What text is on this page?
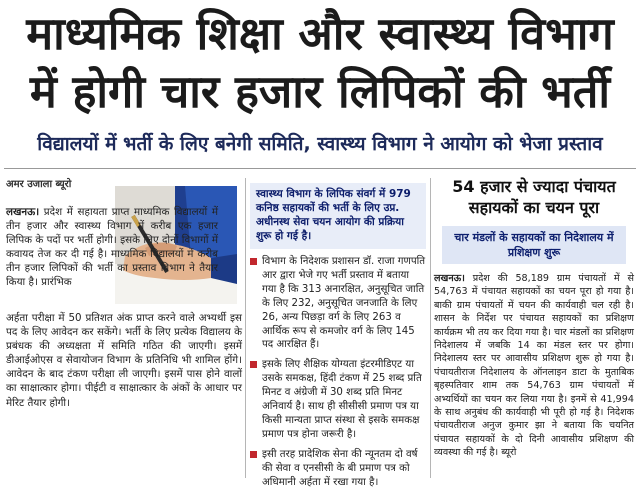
माध्यमिक शिक्षा और स्वास्थ्य विभाग
में होगी चार हजार लिपिकों की भर्ती
विद्यालयों में भर्ती के लिए बनेगी समिति, स्वास्थ्य विभाग ने आयोग को भेजा प्रस्ताव
अमर उजाला ब्यूरो
लखनऊ। प्रदेश में सहायता प्राप्त माध्यमिक विद्यालयों में तीन हजार और स्वास्थ्य विभाग में करीब एक हजार लिपिक के पदों पर भर्ती होगी। इसके लिए दोनों विभागों में कवायद तेज कर दी गई है। माध्यमिक विद्यालयों में करीब तीन हजार लिपिकों की भर्ती का प्रस्ताव विभाग ने तैयार किया है। प्रारंभिक
अर्हता परीक्षा में 50 प्रतिशत अंक प्राप्त करने वाले अभ्यर्थी इस पद के लिए आवेदन कर सकेंगे। भर्ती के लिए प्रत्येक विद्यालय के प्रबंधक की अध्यक्षता में समिति गठित की जाएगी। इसमें डीआईओएस व सेवायोजन विभाग के प्रतिनिधि भी शामिल होंगे। आवेदन के बाद टंकण परीक्षा ली जाएगी। इसमें पास होने वालों का साक्षात्कार होगा। पीईटी व साक्षात्कार के अंकों के आधार पर मेरिट तैयार होगी।
स्वास्थ्य विभाग के लिपिक संवर्ग में 979 कनिष्ठ सहायकों की भर्ती के लिए उप्र. अधीनस्थ सेवा चयन आयोग की प्रक्रिया शुरू हो गई है।
विभाग के निदेशक प्रशासन डॉ. राजा गणपति आर द्वारा भेजे गए भर्ती प्रस्ताव में बताया गया है कि 313 अनारक्षित, अनुसूचित जाति के लिए 232, अनुसूचित जनजाति के लिए 26, अन्य पिछड़ा वर्ग के लिए 263 व आर्थिक रूप से कमजोर वर्ग के लिए 145 पद आरक्षित हैं।
इसके लिए शैक्षिक योग्यता इंटरमीडिएट या उसके समकक्ष, हिंदी टंकण में 25 शब्द प्रति मिनट व अंग्रेजी में 30 शब्द प्रति मिनट अनिवार्य है। साथ ही सीसीसी प्रमाण पत्र या किसी मान्यता प्राप्त संस्था से इसके समकक्ष प्रमाण पत्र होना जरूरी है।
इसी तरह प्रादेशिक सेना की न्यूनतम दो वर्ष की सेवा व एनसीसी के बी प्रमाण पत्र को अधिमानी अर्हता में रखा गया है।
54 हजार से ज्यादा पंचायत सहायकों का चयन पूरा
चार मंडलों के सहायकों का निदेशालय में प्रशिक्षण शुरू
लखनऊ। प्रदेश की 58,189 ग्राम पंचायतों में से 54,763 में पंचायत सहायकों का चयन पूरा हो गया है। बाकी ग्राम पंचायतों में चयन की कार्यवाही चल रही है। शासन के निर्देश पर पंचायत सहायकों का प्रशिक्षण कार्यक्रम भी तय कर दिया गया है। चार मंडलों का प्रशिक्षण निदेशालय में जबकि 14 का मंडल स्तर पर होगा। निदेशालय स्तर पर आवासीय प्रशिक्षण शुरू हो गया है। पंचायतीराज निदेशालय के ऑनलाइन डाटा के मुताबिक बृहस्पतिवार शाम तक 54,763 ग्राम पंचायतों में अभ्यर्थियों का चयन कर लिया गया है। इनमें से 41,994 के साथ अनुबंध की कार्यवाही भी पूरी हो गई है। निदेशक पंचायतीराज अनुज कुमार झा ने बताया कि चयनित पंचायत सहायकों के दो दिनी आवासीय प्रशिक्षण की व्यवस्था की गई है। ब्यूरो
